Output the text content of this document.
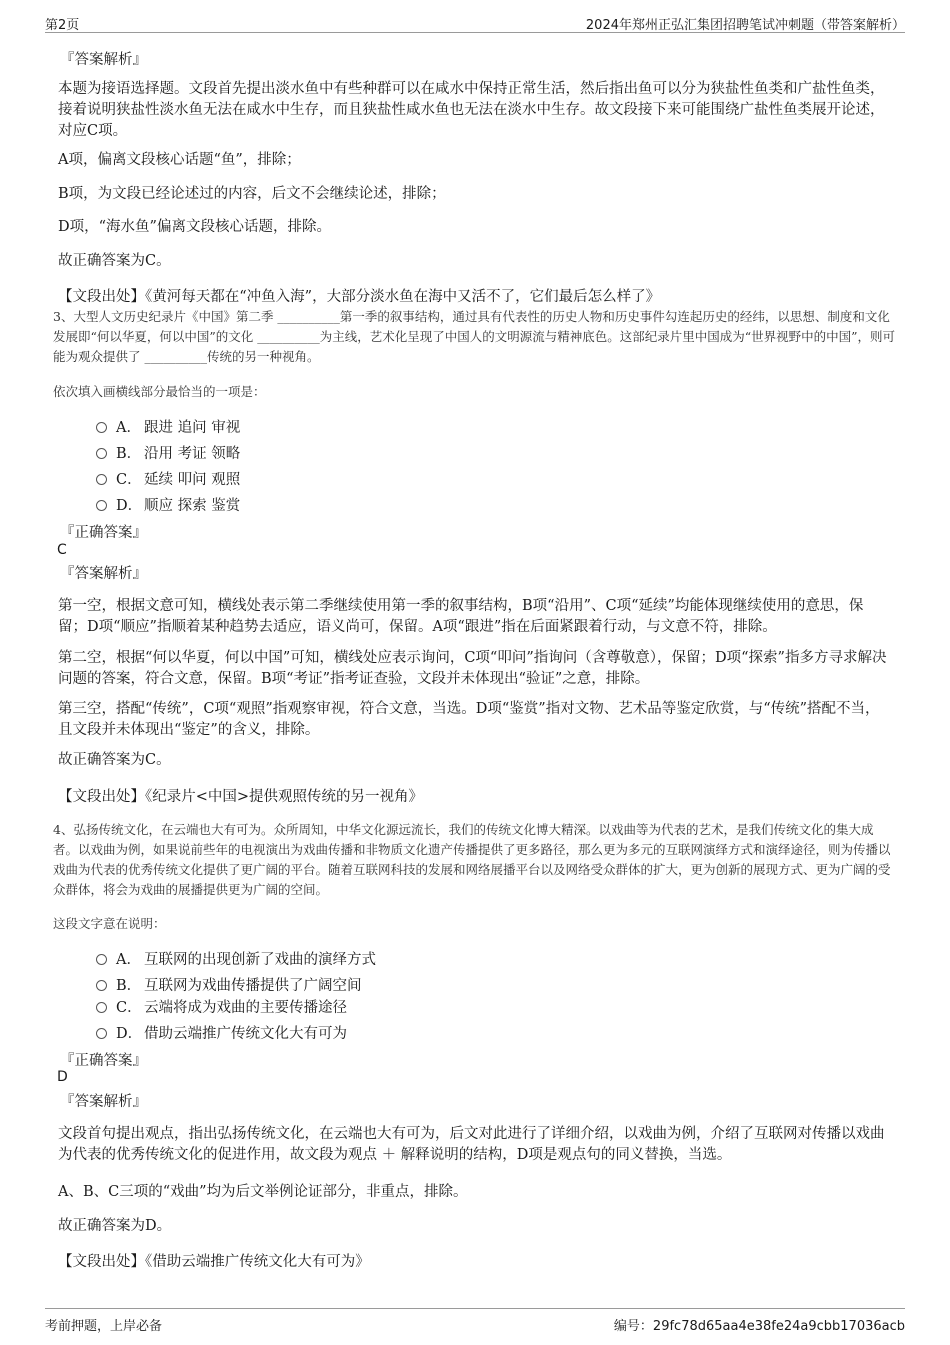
第2页	2024年郑州正弘汇集团招聘笔试冲刺题（带答案解析）
『答案解析』
本题为接语选择题。文段首先提出淡水鱼中有些种群可以在咸水中保持正常生活，然后指出鱼可以分为狭盐性鱼类和广盐性鱼类，接着说明狭盐性淡水鱼无法在咸水中生存，而且狭盐性咸水鱼也无法在淡水中生存。故文段接下来可能围绕广盐性鱼类展开论述，对应C项。
A项，偏离文段核心话题“鱼”，排除；
B项，为文段已经论述过的内容，后文不会继续论述，排除；
D项，“海水鱼”偏离文段核心话题，排除。
故正确答案为C。
【文段出处】《黄河每天都在“冲鱼入海”，大部分淡水鱼在海中又活不了，它们最后怎么样了》
3、大型人文历史纪录片《中国》第二季 __________第一季的叙事结构，通过具有代表性的历史人物和历史事件勾连起历史的经纬，以思想、制度和文化发展即“何以华夏，何以中国”的文化 __________为主线，艺术化呈现了中国人的文明源流与精神底色。这部纪录片里中国成为“世界视野中的中国”，则可能为观众提供了 __________传统的另一种视角。
依次填入画横线部分最恰当的一项是：
A． 跟进 追问 审视
B． 沿用 考证 领略
C． 延续 叩问 观照
D． 顺应 探索 鉴赏
『正确答案』
C
『答案解析』
第一空，根据文意可知，横线处表示第二季继续使用第一季的叙事结构，B项“沿用”、C项“延续”均能体现继续使用的意思，保留；D项“顺应”指顺着某种趋势去适应，语义尚可，保留。A项“跟进”指在后面紧跟着行动，与文意不符，排除。
第二空，根据“何以华夏，何以中国”可知，横线处应表示询问，C项“叩问”指询问（含尊敬意），保留；D项“探索”指多方寻求解决问题的答案，符合文意，保留。B项“考证”指考证查验，文段并未体现出“验证”之意，排除。
第三空，搭配“传统”，C项“观照”指观察审视，符合文意，当选。D项“鉴赏”指对文物、艺术品等鉴定欣赏，与“传统”搭配不当，且文段并未体现出“鉴定”的含义，排除。
故正确答案为C。
【文段出处】《纪录片<中国>提供观照传统的另一视角》
4、弘扬传统文化，在云端也大有可为。众所周知，中华文化源远流长，我们的传统文化博大精深。以戏曲等为代表的艺术，是我们传统文化的集大成者。以戏曲为例，如果说前些年的电视演出为戏曲传播和非物质文化遗产传播提供了更多路径，那么更为多元的互联网演绎方式和演绎途径，则为传播以戏曲为代表的优秀传统文化提供了更广阔的平台。随着互联网科技的发展和网络展播平台以及网络受众群体的扩大，更为创新的展现方式、更为广阔的受众群体，将会为戏曲的展播提供更为广阔的空间。
这段文字意在说明：
A． 互联网的出现创新了戏曲的演绎方式
B． 互联网为戏曲传播提供了广阔空间
C． 云端将成为戏曲的主要传播途径
D． 借助云端推广传统文化大有可为
『正确答案』
D
『答案解析』
文段首句提出观点，指出弘扬传统文化，在云端也大有可为，后文对此进行了详细介绍，以戏曲为例，介绍了互联网对传播以戏曲为代表的优秀传统文化的促进作用，故文段为观点 ＋ 解释说明的结构，D项是观点句的同义替换，当选。
A、B、C三项的“戏曲”均为后文举例论证部分，非重点，排除。
故正确答案为D。
【文段出处】《借助云端推广传统文化大有可为》
考前押题，上岸必备	编号：29fc78d65aa4e38fe24a9cbb17036acb
